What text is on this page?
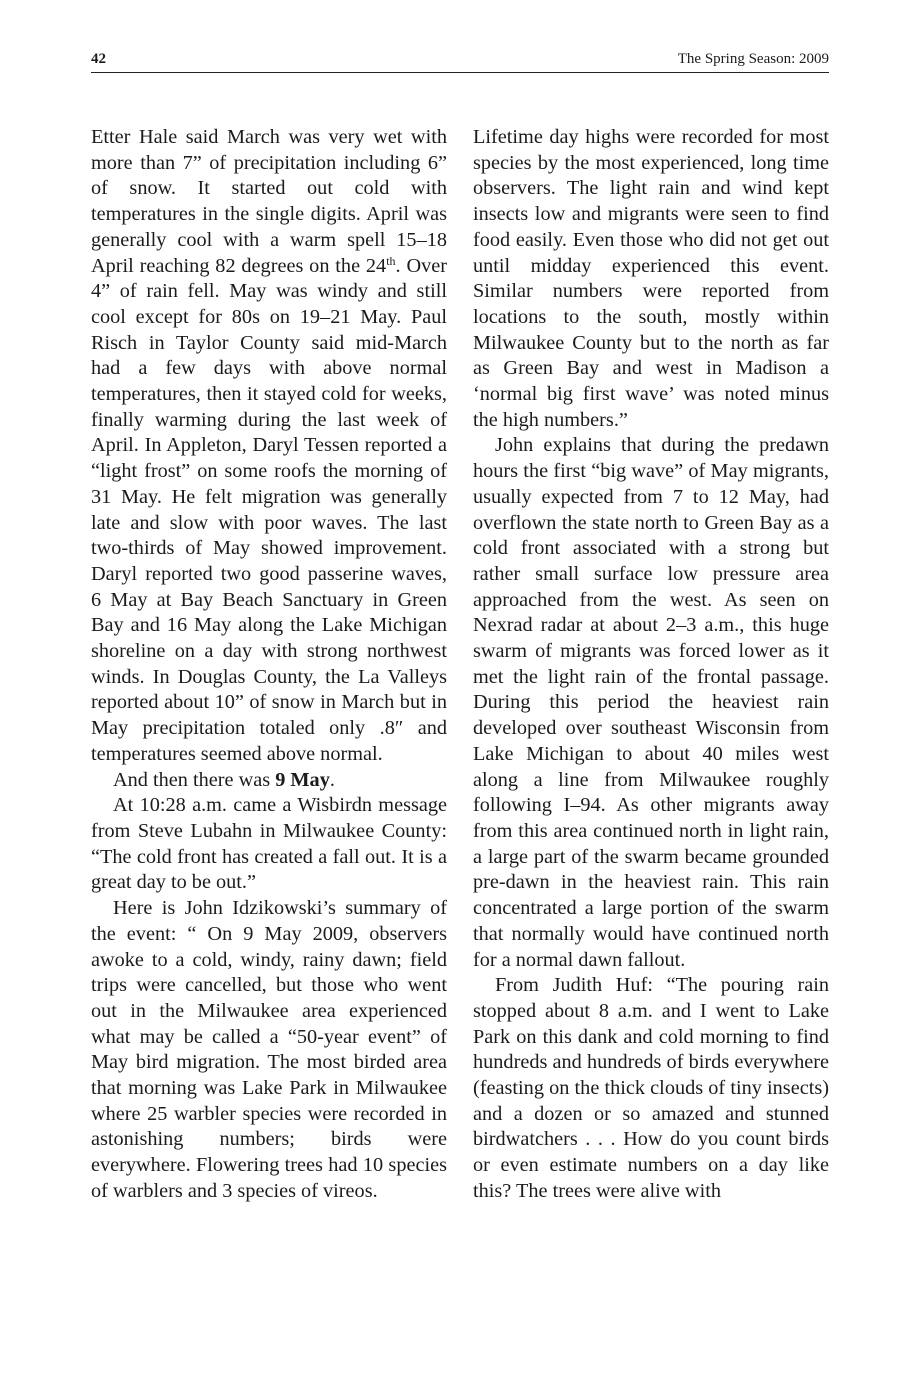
42	The Spring Season: 2009

Etter Hale said March was very wet with more than 7” of precipitation including 6” of snow. It started out cold with temperatures in the single digits. April was generally cool with a warm spell 15–18 April reaching 82 degrees on the 24th. Over 4” of rain fell. May was windy and still cool except for 80s on 19–21 May. Paul Risch in Taylor County said mid-March had a few days with above normal temperatures, then it stayed cold for weeks, finally warming during the last week of April. In Appleton, Daryl Tessen reported a “light frost” on some roofs the morning of 31 May. He felt migration was generally late and slow with poor waves. The last two-thirds of May showed improvement. Daryl reported two good passerine waves, 6 May at Bay Beach Sanctuary in Green Bay and 16 May along the Lake Michigan shoreline on a day with strong northwest winds. In Douglas County, the La Valleys reported about 10” of snow in March but in May precipitation totaled only .8″ and temperatures seemed above normal.

And then there was 9 May.

At 10:28 a.m. came a Wisbirdn message from Steve Lubahn in Milwaukee County: “The cold front has created a fall out. It is a great day to be out.”

Here is John Idzikowski’s summary of the event: “ On 9 May 2009, observers awoke to a cold, windy, rainy dawn; field trips were cancelled, but those who went out in the Milwaukee area experienced what may be called a “50-year event” of May bird migration. The most birded area that morning was Lake Park in Milwaukee where 25 warbler species were recorded in astonishing numbers; birds were everywhere. Flowering trees had 10 species of warblers and 3 species of vireos.

Lifetime day highs were recorded for most species by the most experienced, long time observers. The light rain and wind kept insects low and migrants were seen to find food easily. Even those who did not get out until midday experienced this event. Similar numbers were reported from locations to the south, mostly within Milwaukee County but to the north as far as Green Bay and west in Madison a ‘normal big first wave’ was noted minus the high numbers.”

John explains that during the predawn hours the first “big wave” of May migrants, usually expected from 7 to 12 May, had overflown the state north to Green Bay as a cold front associated with a strong but rather small surface low pressure area approached from the west. As seen on Nexrad radar at about 2–3 a.m., this huge swarm of migrants was forced lower as it met the light rain of the frontal passage. During this period the heaviest rain developed over southeast Wisconsin from Lake Michigan to about 40 miles west along a line from Milwaukee roughly following I–94. As other migrants away from this area continued north in light rain, a large part of the swarm became grounded pre-dawn in the heaviest rain. This rain concentrated a large portion of the swarm that normally would have continued north for a normal dawn fallout.

From Judith Huf: “The pouring rain stopped about 8 a.m. and I went to Lake Park on this dank and cold morning to find hundreds and hundreds of birds everywhere (feasting on the thick clouds of tiny insects) and a dozen or so amazed and stunned birdwatchers . . . How do you count birds or even estimate numbers on a day like this? The trees were alive with
